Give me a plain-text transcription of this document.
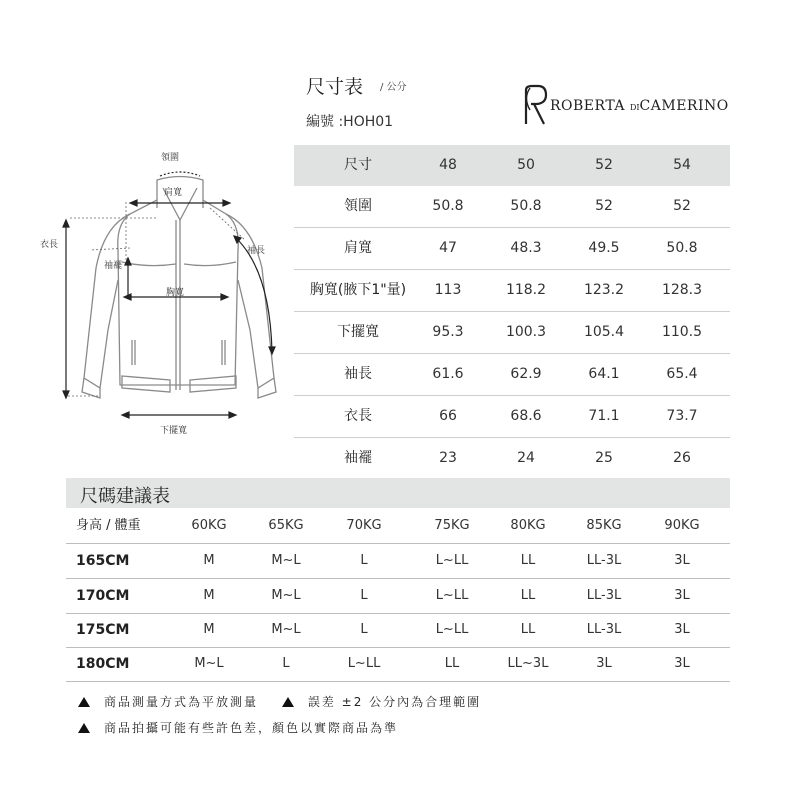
尺寸表 / 公分
編號 :HOH01
ROBERTA DICAMERINO
領圍
肩寬
衣長
袖長
袖襬
胸寬
下擺寬
尺寸	48	50	52	54
領圍	50.8	50.8	52	52
肩寬	47	48.3	49.5	50.8
胸寬(腋下1"量)	113	118.2	123.2	128.3
下擺寬	95.3	100.3	105.4	110.5
袖長	61.6	62.9	64.1	65.4
衣長	66	68.6	71.1	73.7
袖襬	23	24	25	26
尺碼建議表
身高 / 體重	60KG	65KG	70KG	75KG	80KG	85KG	90KG
165CM	M	M~L	L	L~LL	LL	LL-3L	3L
170CM	M	M~L	L	L~LL	LL	LL-3L	3L
175CM	M	M~L	L	L~LL	LL	LL-3L	3L
180CM	M~L	L	L~LL	LL	LL~3L	3L	3L
商品測量方式為平放測量	誤差 ±2 公分內為合理範圍
商品拍攝可能有些許色差，顏色以實際商品為準
